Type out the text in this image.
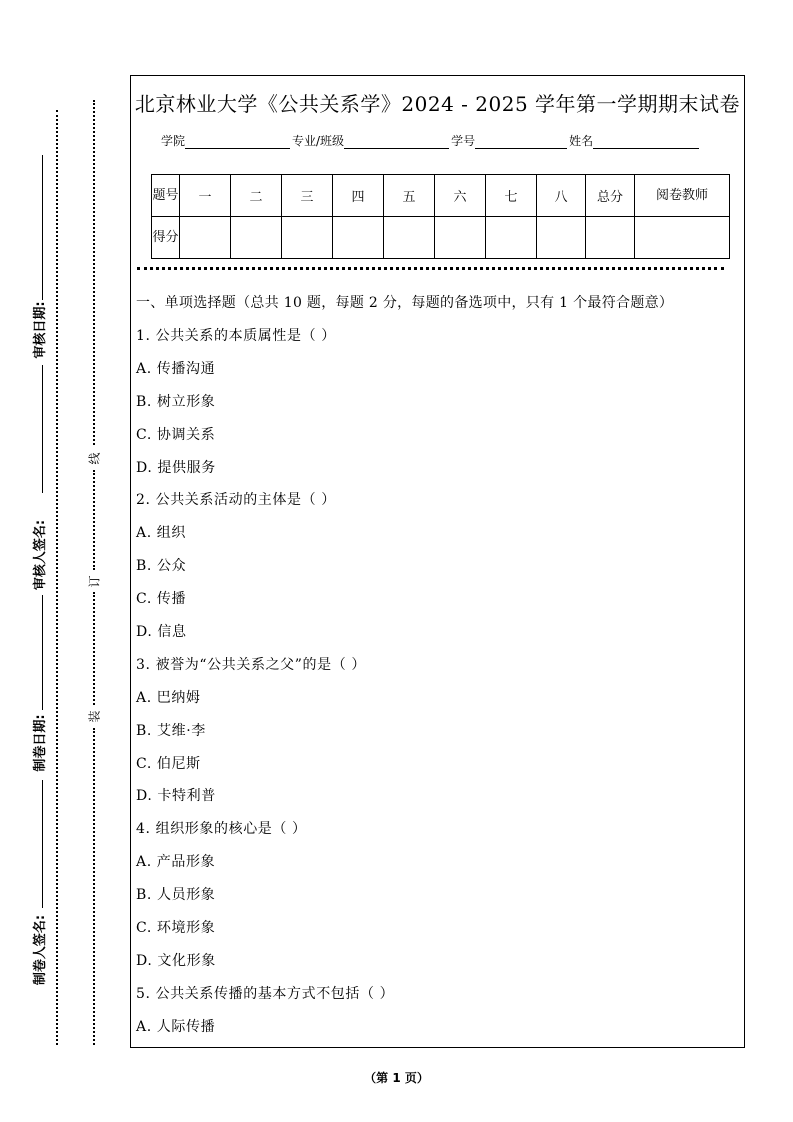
审核日期:
审核人签名:
制卷日期:
制卷人签名:
线
订
装
北京林业大学《公共关系学》2024 - 2025 学年第一学期期末试卷
学院	专业/班级	学号	姓名
题号	一	二	三	四	五	六	七	八	总分	阅卷教师
得分										
一、单项选择题（总共 10 题，每题 2 分，每题的备选项中，只有 1 个最符合题意）
1. 公共关系的本质属性是（ ）
A. 传播沟通
B. 树立形象
C. 协调关系
D. 提供服务
2. 公共关系活动的主体是（ ）
A. 组织
B. 公众
C. 传播
D. 信息
3. 被誉为“公共关系之父”的是（ ）
A. 巴纳姆
B. 艾维·李
C. 伯尼斯
D. 卡特利普
4. 组织形象的核心是（ ）
A. 产品形象
B. 人员形象
C. 环境形象
D. 文化形象
5. 公共关系传播的基本方式不包括（ ）
A. 人际传播
（第 1 页）
